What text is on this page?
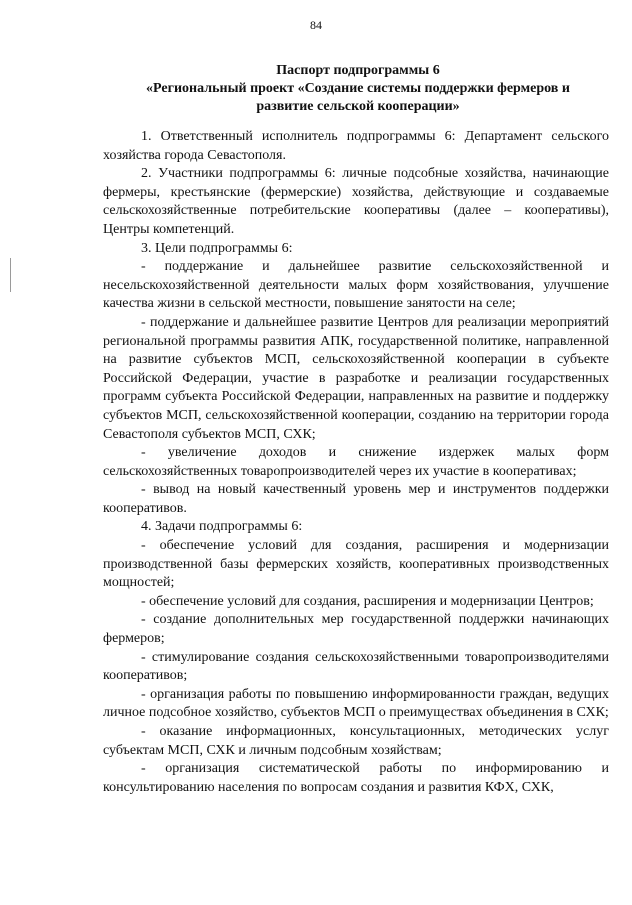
84
Паспорт подпрограммы 6
«Региональный проект «Создание системы поддержки фермеров и
развитие сельской кооперации»

1. Ответственный исполнитель подпрограммы 6: Департамент сельского хозяйства города Севастополя.

2. Участники подпрограммы 6: личные подсобные хозяйства, начинающие фермеры, крестьянские (фермерские) хозяйства, действующие и создаваемые сельскохозяйственные потребительские кооперативы (далее – кооперативы), Центры компетенций.

3. Цели подпрограммы 6:

- поддержание и дальнейшее развитие сельскохозяйственной и несельскохозяйственной деятельности малых форм хозяйствования, улучшение качества жизни в сельской местности, повышение занятости на селе;

- поддержание и дальнейшее развитие Центров для реализации мероприятий региональной программы развития АПК, государственной политике, направленной на развитие субъектов МСП, сельскохозяйственной кооперации в субъекте Российской Федерации, участие в разработке и реализации государственных программ субъекта Российской Федерации, направленных на развитие и поддержку субъектов МСП, сельскохозяйственной кооперации, созданию на территории города Севастополя субъектов МСП, СХК;

- увеличение доходов и снижение издержек малых форм сельскохозяйственных товаропроизводителей через их участие в кооперативах;

- вывод на новый качественный уровень мер и инструментов поддержки кооперативов.

4. Задачи подпрограммы 6:

- обеспечение условий для создания, расширения и модернизации производственной базы фермерских хозяйств, кооперативных производственных мощностей;

- обеспечение условий для создания, расширения и модернизации Центров;

- создание дополнительных мер государственной поддержки начинающих фермеров;

- стимулирование создания сельскохозяйственными товаропроизводителями кооперативов;

- организация работы по повышению информированности граждан, ведущих личное подсобное хозяйство, субъектов МСП о преимуществах объединения в СХК;

- оказание информационных, консультационных, методических услуг субъектам МСП, СХК и личным подсобным хозяйствам;

- организация систематической работы по информированию и консультированию населения по вопросам создания и развития КФХ, СХК,
